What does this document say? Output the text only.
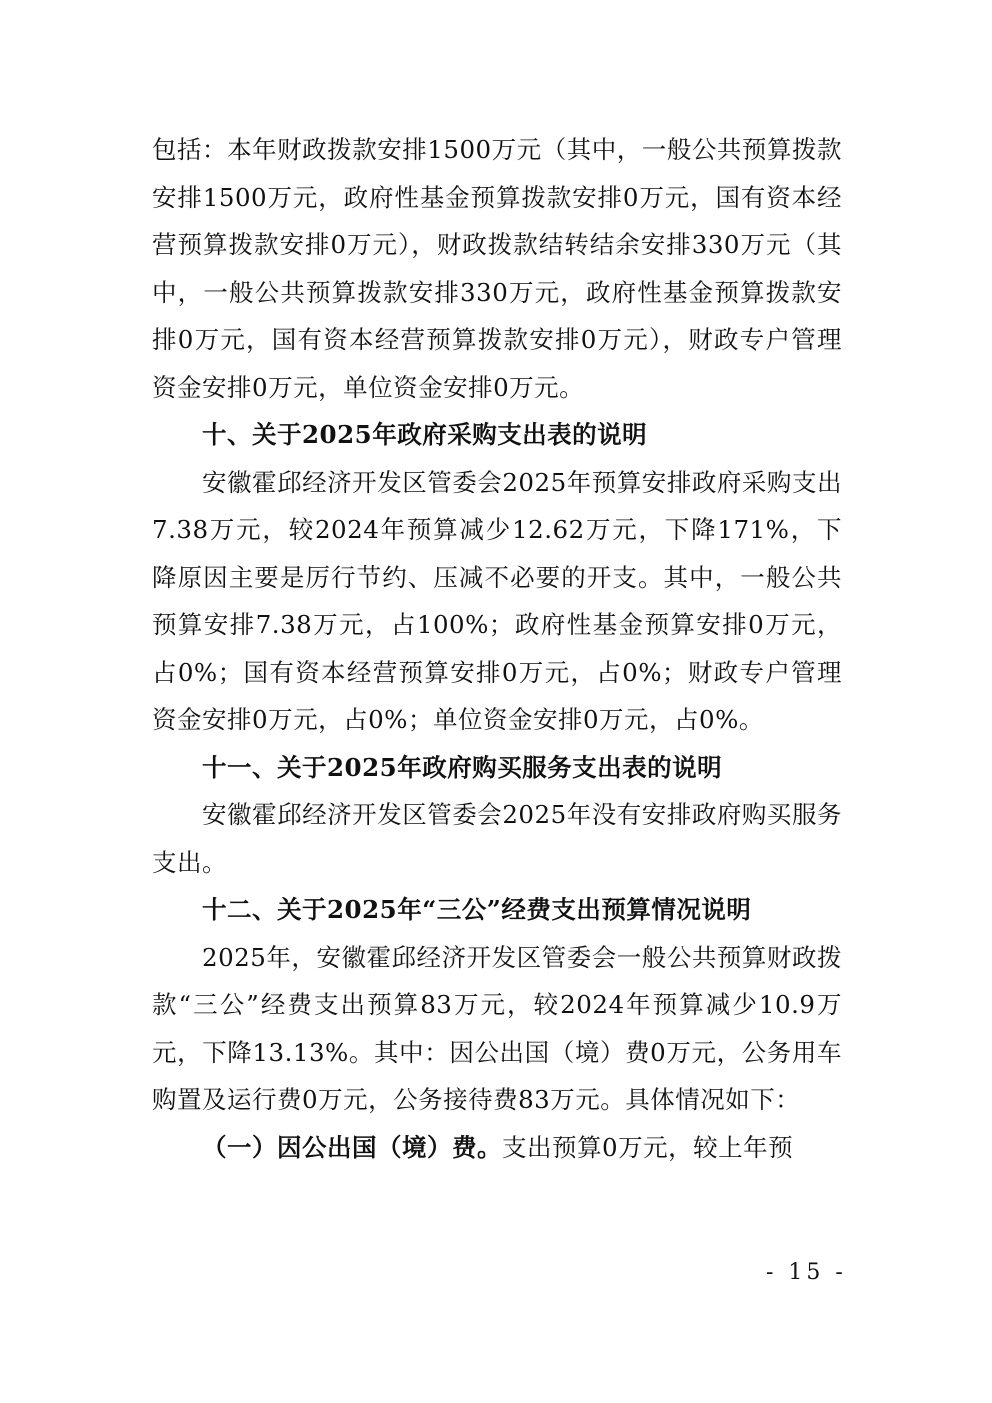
包括：本年财政拨款安排1500万元（其中，一般公共预算拨款安排1500万元，政府性基金预算拨款安排0万元，国有资本经营预算拨款安排0万元），财政拨款结转结余安排330万元（其中，一般公共预算拨款安排330万元，政府性基金预算拨款安排0万元，国有资本经营预算拨款安排0万元），财政专户管理资金安排0万元，单位资金安排0万元。

十、关于2025年政府采购支出表的说明

安徽霍邱经济开发区管委会2025年预算安排政府采购支出7.38万元，较2024年预算减少12.62万元，下降171%，下降原因主要是厉行节约、压减不必要的开支。其中，一般公共预算安排7.38万元，占100%；政府性基金预算安排0万元，占0%；国有资本经营预算安排0万元，占0%；财政专户管理资金安排0万元，占0%；单位资金安排0万元，占0%。

十一、关于2025年政府购买服务支出表的说明

安徽霍邱经济开发区管委会2025年没有安排政府购买服务支出。

十二、关于2025年“三公”经费支出预算情况说明

2025年，安徽霍邱经济开发区管委会一般公共预算财政拨款“三公”经费支出预算83万元，较2024年预算减少10.9万元，下降13.13%。其中：因公出国（境）费0万元，公务用车购置及运行费0万元，公务接待费83万元。具体情况如下：

（一）因公出国（境）费。支出预算0万元，较上年预

- 15 -
